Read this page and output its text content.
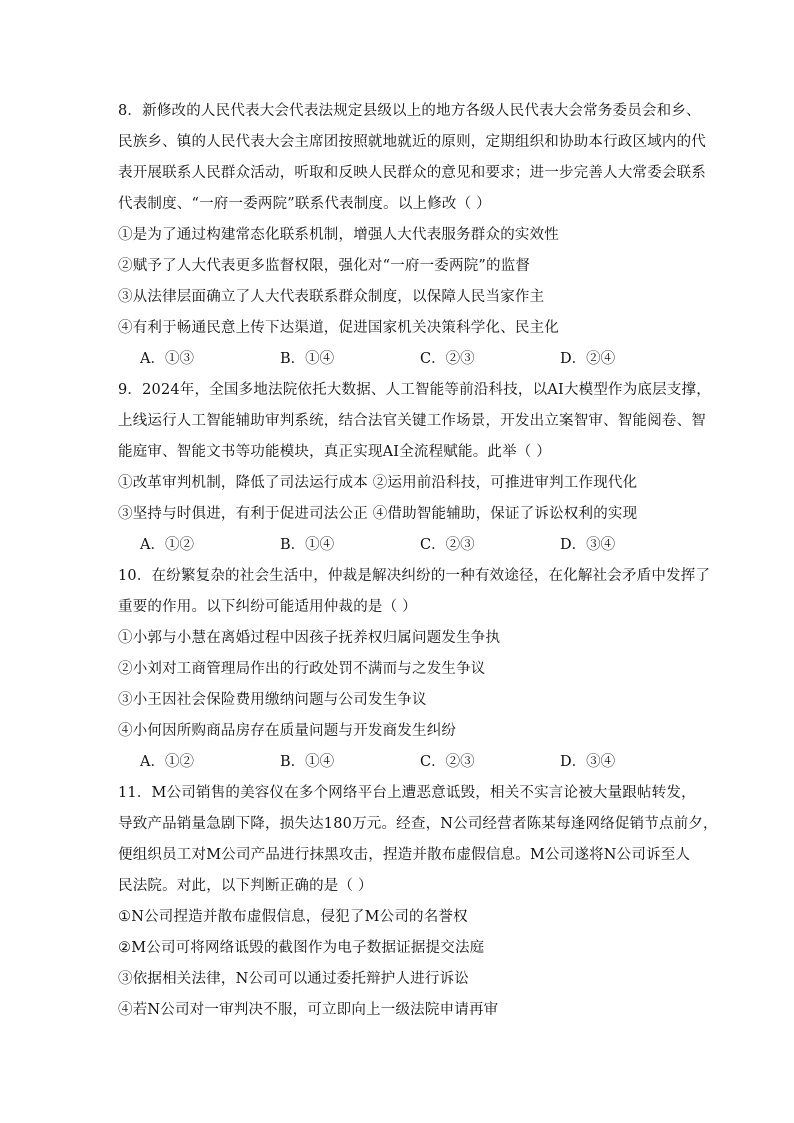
8．新修改的人民代表大会代表法规定县级以上的地方各级人民代表大会常务委员会和乡、
民族乡、镇的人民代表大会主席团按照就地就近的原则，定期组织和协助本行政区域内的代
表开展联系人民群众活动，听取和反映人民群众的意见和要求；进一步完善人大常委会联系
代表制度、“一府一委两院”联系代表制度。以上修改（ ）
①是为了通过构建常态化联系机制，增强人大代表服务群众的实效性
②赋予了人大代表更多监督权限，强化对“一府一委两院”的监督
③从法律层面确立了人大代表联系群众制度，以保障人民当家作主
④有利于畅通民意上传下达渠道，促进国家机关决策科学化、民主化
A．①③	B．①④	C．②③	D．②④
9．2024年，全国多地法院依托大数据、人工智能等前沿科技，以AI大模型作为底层支撑，
上线运行人工智能辅助审判系统，结合法官关键工作场景，开发出立案智审、智能阅卷、智
能庭审、智能文书等功能模块，真正实现AI全流程赋能。此举（ ）
①改革审判机制，降低了司法运行成本 ②运用前沿科技，可推进审判工作现代化
③坚持与时俱进，有利于促进司法公正 ④借助智能辅助，保证了诉讼权利的实现
A．①②	B．①④	C．②③	D．③④
10．在纷繁复杂的社会生活中，仲裁是解决纠纷的一种有效途径，在化解社会矛盾中发挥了
重要的作用。以下纠纷可能适用仲裁的是（ ）
①小郭与小慧在离婚过程中因孩子抚养权归属问题发生争执
②小刘对工商管理局作出的行政处罚不满而与之发生争议
③小王因社会保险费用缴纳问题与公司发生争议
④小何因所购商品房存在质量问题与开发商发生纠纷
A．①②	B．①④	C．②③	D．③④
11．M公司销售的美容仪在多个网络平台上遭恶意诋毁，相关不实言论被大量跟帖转发，
导致产品销量急剧下降，损失达180万元。经查，N公司经营者陈某每逢网络促销节点前夕，
便组织员工对M公司产品进行抹黑攻击，捏造并散布虚假信息。M公司遂将N公司诉至人
民法院。对此，以下判断正确的是（ ）
①N公司捏造并散布虚假信息，侵犯了M公司的名誉权
②M公司可将网络诋毁的截图作为电子数据证据提交法庭
③依据相关法律，N公司可以通过委托辩护人进行诉讼
④若N公司对一审判决不服，可立即向上一级法院申请再审
